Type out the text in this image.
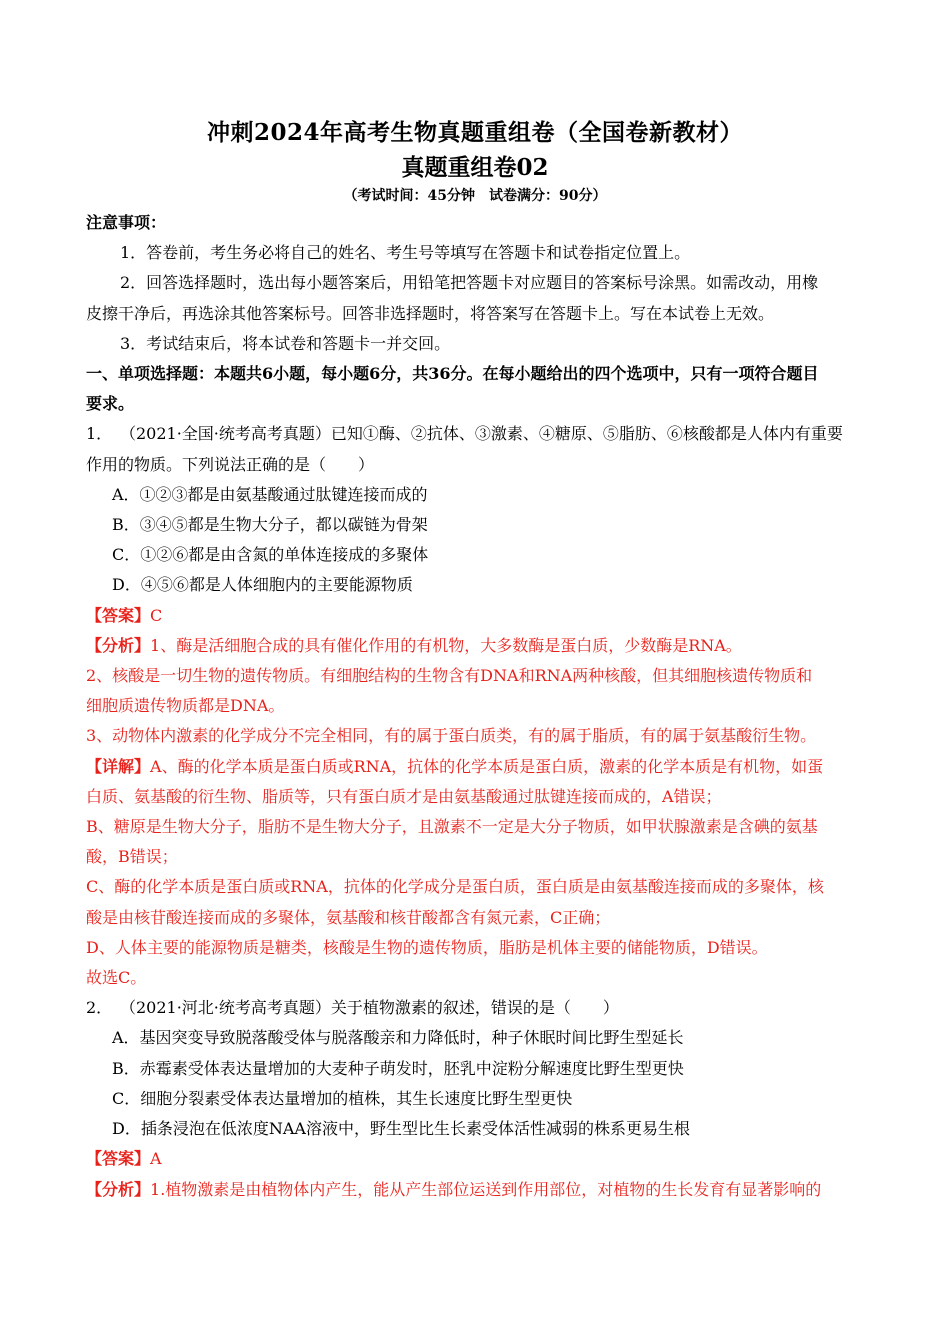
冲刺2024年高考生物真题重组卷（全国卷新教材）
真题重组卷02
（考试时间：45分钟　试卷满分：90分）
注意事项：
1．答卷前，考生务必将自己的姓名、考生号等填写在答题卡和试卷指定位置上。
2．回答选择题时，选出每小题答案后，用铅笔把答题卡对应题目的答案标号涂黑。如需改动，用橡
皮擦干净后，再选涂其他答案标号。回答非选择题时，将答案写在答题卡上。写在本试卷上无效。
3．考试结束后，将本试卷和答题卡一并交回。
一、单项选择题：本题共6小题，每小题6分，共36分。在每小题给出的四个选项中，只有一项符合题目
要求。
1． （2021·全国·统考高考真题）已知①酶、②抗体、③激素、④糖原、⑤脂肪、⑥核酸都是人体内有重要
作用的物质。下列说法正确的是（　　）
A．①②③都是由氨基酸通过肽键连接而成的
B．③④⑤都是生物大分子，都以碳链为骨架
C．①②⑥都是由含氮的单体连接成的多聚体
D．④⑤⑥都是人体细胞内的主要能源物质
【答案】C
【分析】1、酶是活细胞合成的具有催化作用的有机物，大多数酶是蛋白质，少数酶是RNA。
2、核酸是一切生物的遗传物质。有细胞结构的生物含有DNA和RNA两种核酸，但其细胞核遗传物质和
细胞质遗传物质都是DNA。
3、动物体内激素的化学成分不完全相同，有的属于蛋白质类，有的属于脂质，有的属于氨基酸衍生物。
【详解】A、酶的化学本质是蛋白质或RNA，抗体的化学本质是蛋白质，激素的化学本质是有机物，如蛋
白质、氨基酸的衍生物、脂质等，只有蛋白质才是由氨基酸通过肽键连接而成的，A错误；
B、糖原是生物大分子，脂肪不是生物大分子，且激素不一定是大分子物质，如甲状腺激素是含碘的氨基
酸，B错误；
C、酶的化学本质是蛋白质或RNA，抗体的化学成分是蛋白质，蛋白质是由氨基酸连接而成的多聚体，核
酸是由核苷酸连接而成的多聚体，氨基酸和核苷酸都含有氮元素，C正确；
D、人体主要的能源物质是糖类，核酸是生物的遗传物质，脂肪是机体主要的储能物质，D错误。
故选C。
2． （2021·河北·统考高考真题）关于植物激素的叙述，错误的是（　　）
A．基因突变导致脱落酸受体与脱落酸亲和力降低时，种子休眠时间比野生型延长
B．赤霉素受体表达量增加的大麦种子萌发时，胚乳中淀粉分解速度比野生型更快
C．细胞分裂素受体表达量增加的植株，其生长速度比野生型更快
D．插条浸泡在低浓度NAA溶液中，野生型比生长素受体活性减弱的株系更易生根
【答案】A
【分析】1.植物激素是由植物体内产生，能从产生部位运送到作用部位，对植物的生长发育有显著影响的
